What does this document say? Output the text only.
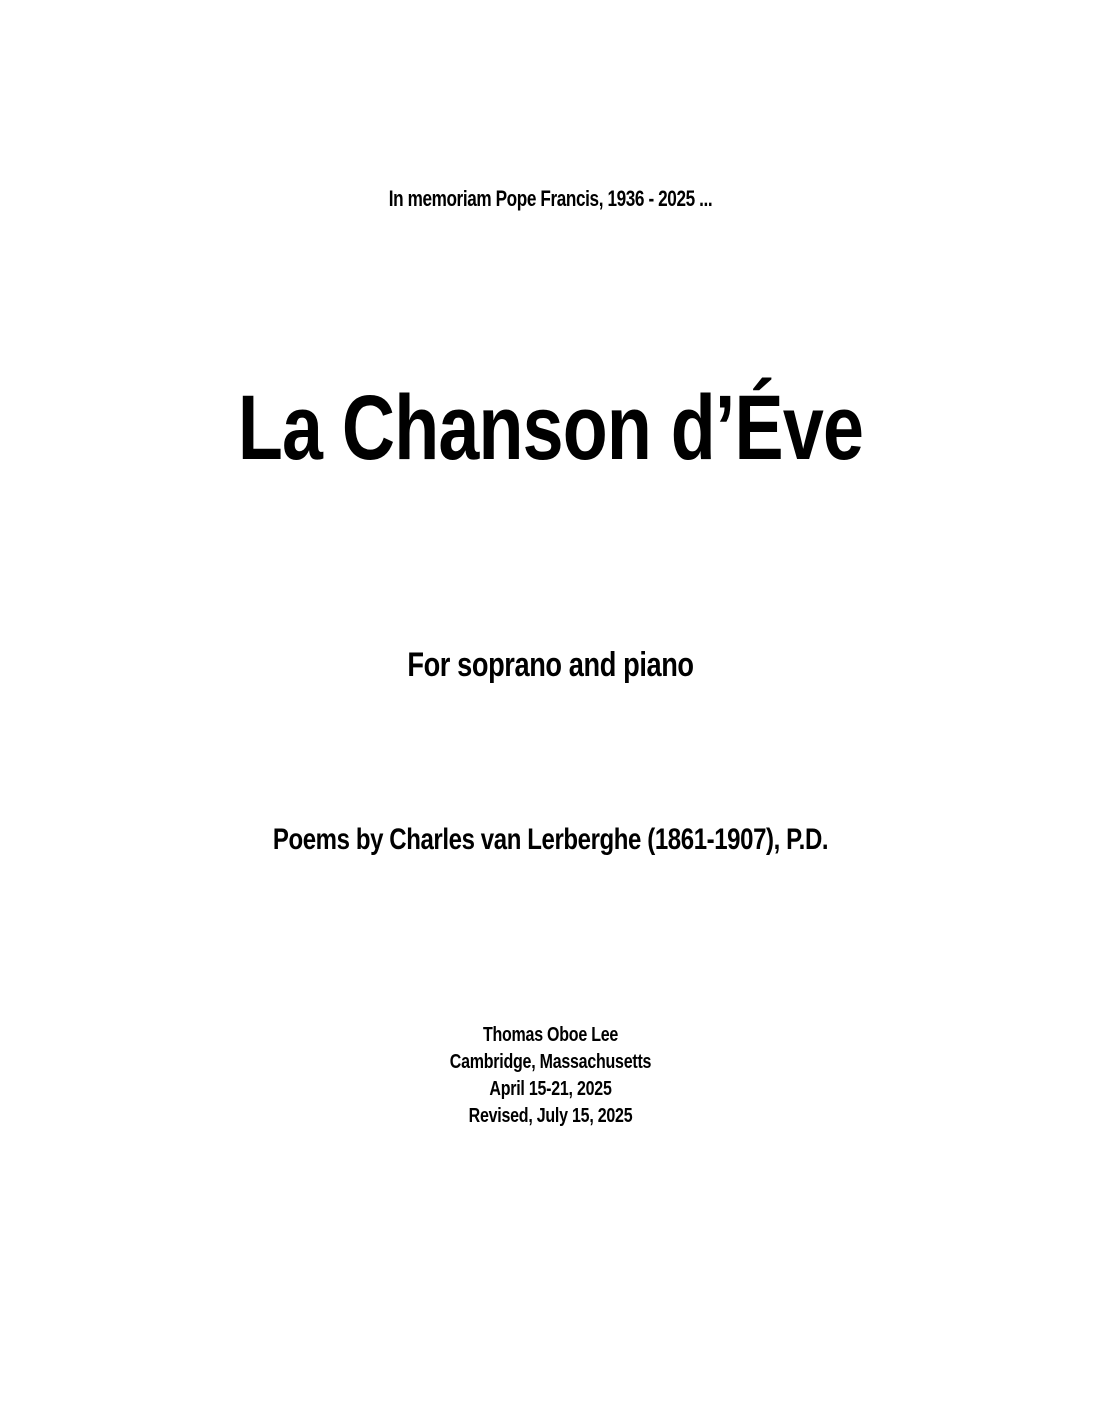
In memoriam Pope Francis, 1936 - 2025 ...
La Chanson d’Éve
For soprano and piano
Poems by Charles van Lerberghe (1861-1907), P.D.
Thomas Oboe Lee
Cambridge, Massachusetts
April 15-21, 2025
Revised, July 15, 2025
